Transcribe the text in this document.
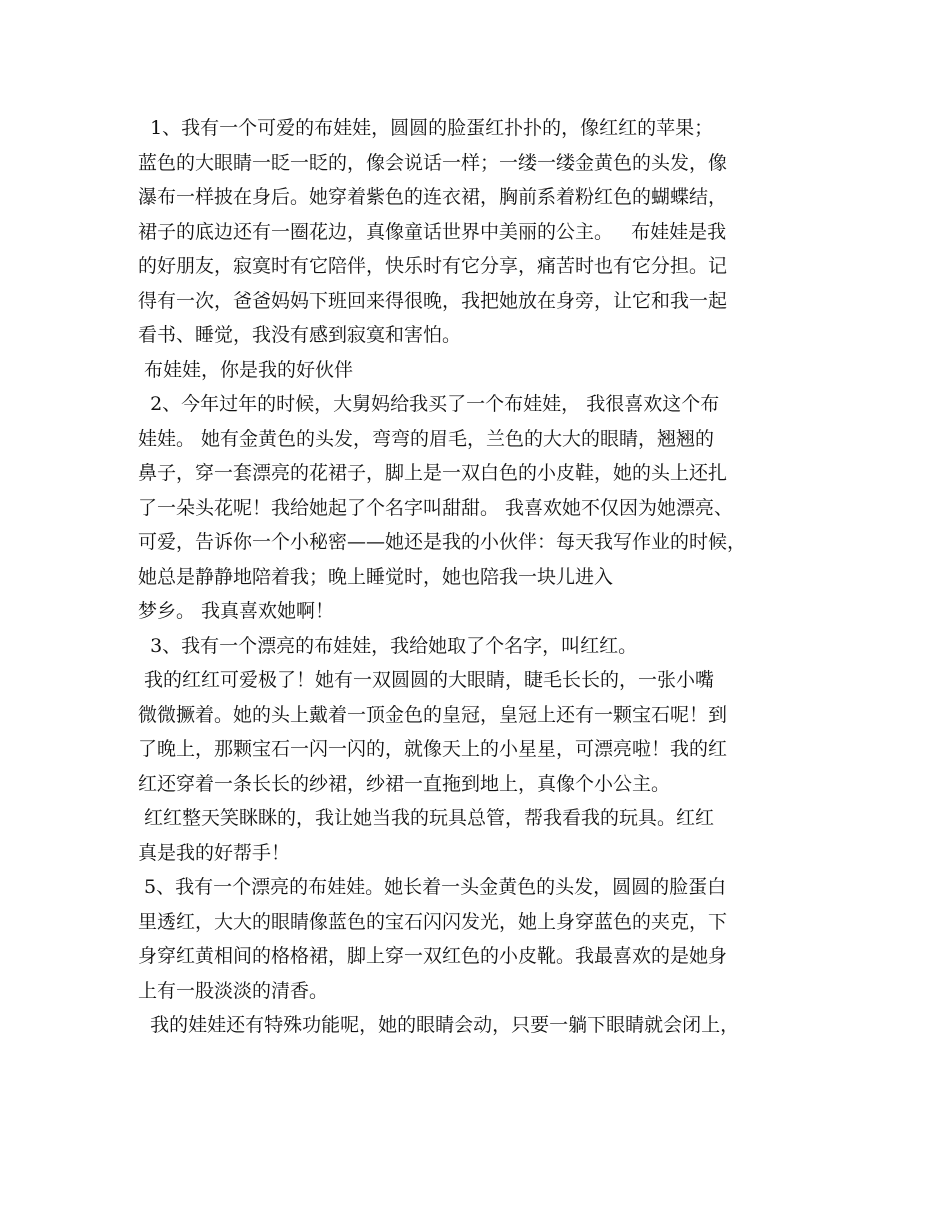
1、我有一个可爱的布娃娃，圆圆的脸蛋红扑扑的，像红红的苹果；
蓝色的大眼睛一眨一眨的，像会说话一样；一缕一缕金黄色的头发，像
瀑布一样披在身后。她穿着紫色的连衣裙，胸前系着粉红色的蝴蝶结，
裙子的底边还有一圈花边，真像童话世界中美丽的公主。   布娃娃是我
的好朋友，寂寞时有它陪伴，快乐时有它分享，痛苦时也有它分担。记
得有一次，爸爸妈妈下班回来得很晚，我把她放在身旁，让它和我一起
看书、睡觉，我没有感到寂寞和害怕。
布娃娃，你是我的好伙伴
2、今年过年的时候，大舅妈给我买了一个布娃娃， 我很喜欢这个布
娃娃。 她有金黄色的头发，弯弯的眉毛，兰色的大大的眼睛，翘翘的
鼻子，穿一套漂亮的花裙子，脚上是一双白色的小皮鞋，她的头上还扎
了一朵头花呢！我给她起了个名字叫甜甜。 我喜欢她不仅因为她漂亮、
可爱，告诉你一个小秘密——她还是我的小伙伴：每天我写作业的时候，
她总是静静地陪着我；晚上睡觉时，她也陪我一块儿进入
梦乡。 我真喜欢她啊！
3、我有一个漂亮的布娃娃，我给她取了个名字，叫红红。
我的红红可爱极了！她有一双圆圆的大眼睛，睫毛长长的，一张小嘴
微微撅着。她的头上戴着一顶金色的皇冠，皇冠上还有一颗宝石呢！到
了晚上，那颗宝石一闪一闪的，就像天上的小星星，可漂亮啦！我的红
红还穿着一条长长的纱裙，纱裙一直拖到地上，真像个小公主。
红红整天笑眯眯的，我让她当我的玩具总管，帮我看我的玩具。红红
真是我的好帮手！
5、我有一个漂亮的布娃娃。她长着一头金黄色的头发，圆圆的脸蛋白
里透红，大大的眼睛像蓝色的宝石闪闪发光，她上身穿蓝色的夹克，下
身穿红黄相间的格格裙，脚上穿一双红色的小皮靴。我最喜欢的是她身
上有一股淡淡的清香。
我的娃娃还有特殊功能呢，她的眼睛会动，只要一躺下眼睛就会闭上，
